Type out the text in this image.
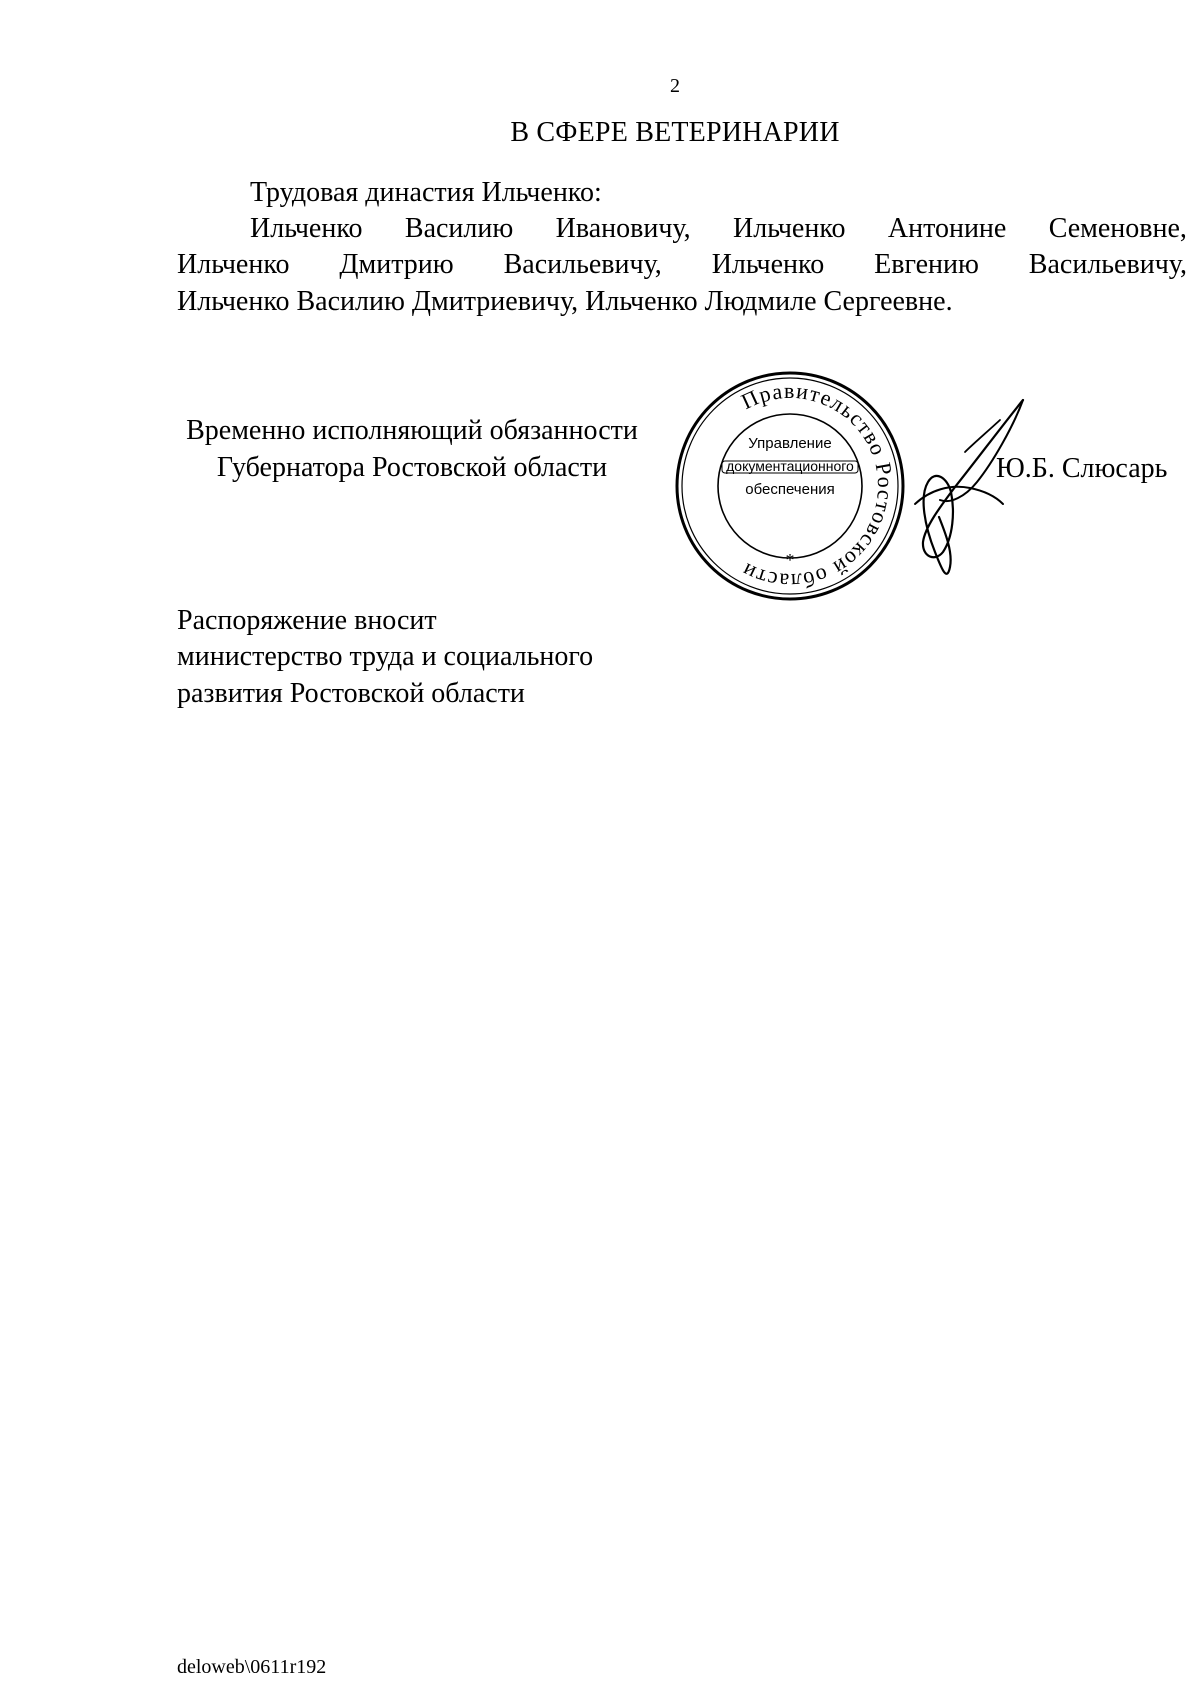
2
В СФЕРЕ ВЕТЕРИНАРИИ
Трудовая династия Ильченко:
Ильченко Василию Ивановичу, Ильченко Антонине Семеновне,
Ильченко Дмитрию Васильевичу, Ильченко Евгению Васильевичу,
Ильченко Василию Дмитриевичу, Ильченко Людмиле Сергеевне.
Временно исполняющий обязанности
Губернатора Ростовской области
Правительство Ростовской области
Управление
документационного
обеспечения
*
Ю.Б. Слюсарь
Распоряжение вносит
министерство труда и социального
развития Ростовской области
deloweb\0611r192
